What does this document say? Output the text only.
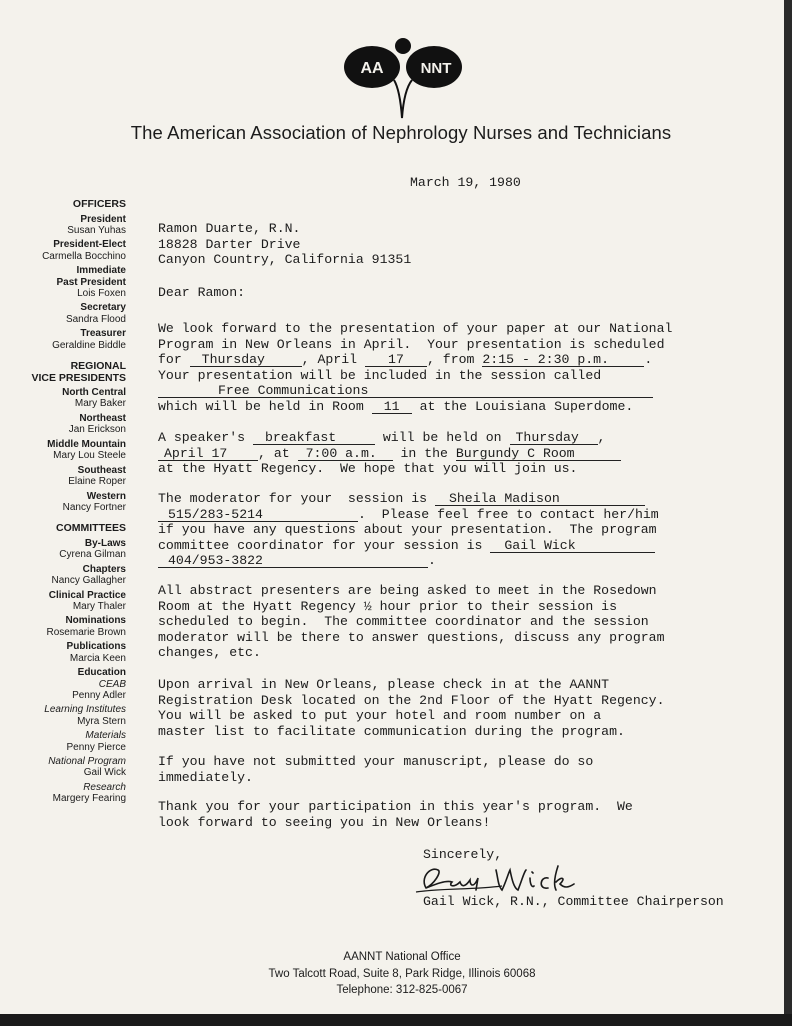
AA NNT
The American Association of Nephrology Nurses and Technicians
OFFICERS
President
Susan Yuhas
President-Elect
Carmella Bocchino
Immediate
Past President
Lois Foxen
Secretary
Sandra Flood
Treasurer
Geraldine Biddle
REGIONAL
VICE PRESIDENTS
North Central
Mary Baker
Northeast
Jan Erickson
Middle Mountain
Mary Lou Steele
Southeast
Elaine Roper
Western
Nancy Fortner
COMMITTEES
By-Laws
Cyrena Gilman
Chapters
Nancy Gallagher
Clinical Practice
Mary Thaler
Nominations
Rosemarie Brown
Publications
Marcia Keen
Education
CEAB
Penny Adler
Learning Institutes
Myra Stern
Materials
Penny Pierce
National Program
Gail Wick
Research
Margery Fearing
March 19, 1980
Ramon Duarte, R.N.
18828 Darter Drive
Canyon Country, California 91351
Dear Ramon:
We look forward to the presentation of your paper at our National
Program in New Orleans in April.  Your presentation is scheduled
for Thursday	, April 17 , from 2:15 - 2:30 p.m.	.
Your presentation will be included in the session called
Free Communications
which will be held in Room 11 at the Louisiana Superdome.
A speaker's breakfast	will be held on Thursday ,
April 17 , at 7:00 a.m. in the Burgundy C Room
at the Hyatt Regency.  We hope that you will join us.
The moderator for your  session is Sheila Madison
515/283-5214	.  Please feel free to contact her/him
if you have any questions about your presentation.  The program
committee coordinator for your session is Gail Wick
404/953-3822	.
All abstract presenters are being asked to meet in the Rosedown
Room at the Hyatt Regency ½ hour prior to their session is
scheduled to begin.  The committee coordinator and the session
moderator will be there to answer questions, discuss any program
changes, etc.
Upon arrival in New Orleans, please check in at the AANNT
Registration Desk located on the 2nd Floor of the Hyatt Regency.
You will be asked to put your hotel and room number on a
master list to facilitate communication during the program.
If you have not submitted your manuscript, please do so
immediately.
Thank you for your participation in this year's program.  We
look forward to seeing you in New Orleans!
Sincerely,
Gail Wick, R.N., Committee Chairperson
AANNT National Office
Two Talcott Road, Suite 8, Park Ridge, Illinois 60068
Telephone: 312-825-0067
